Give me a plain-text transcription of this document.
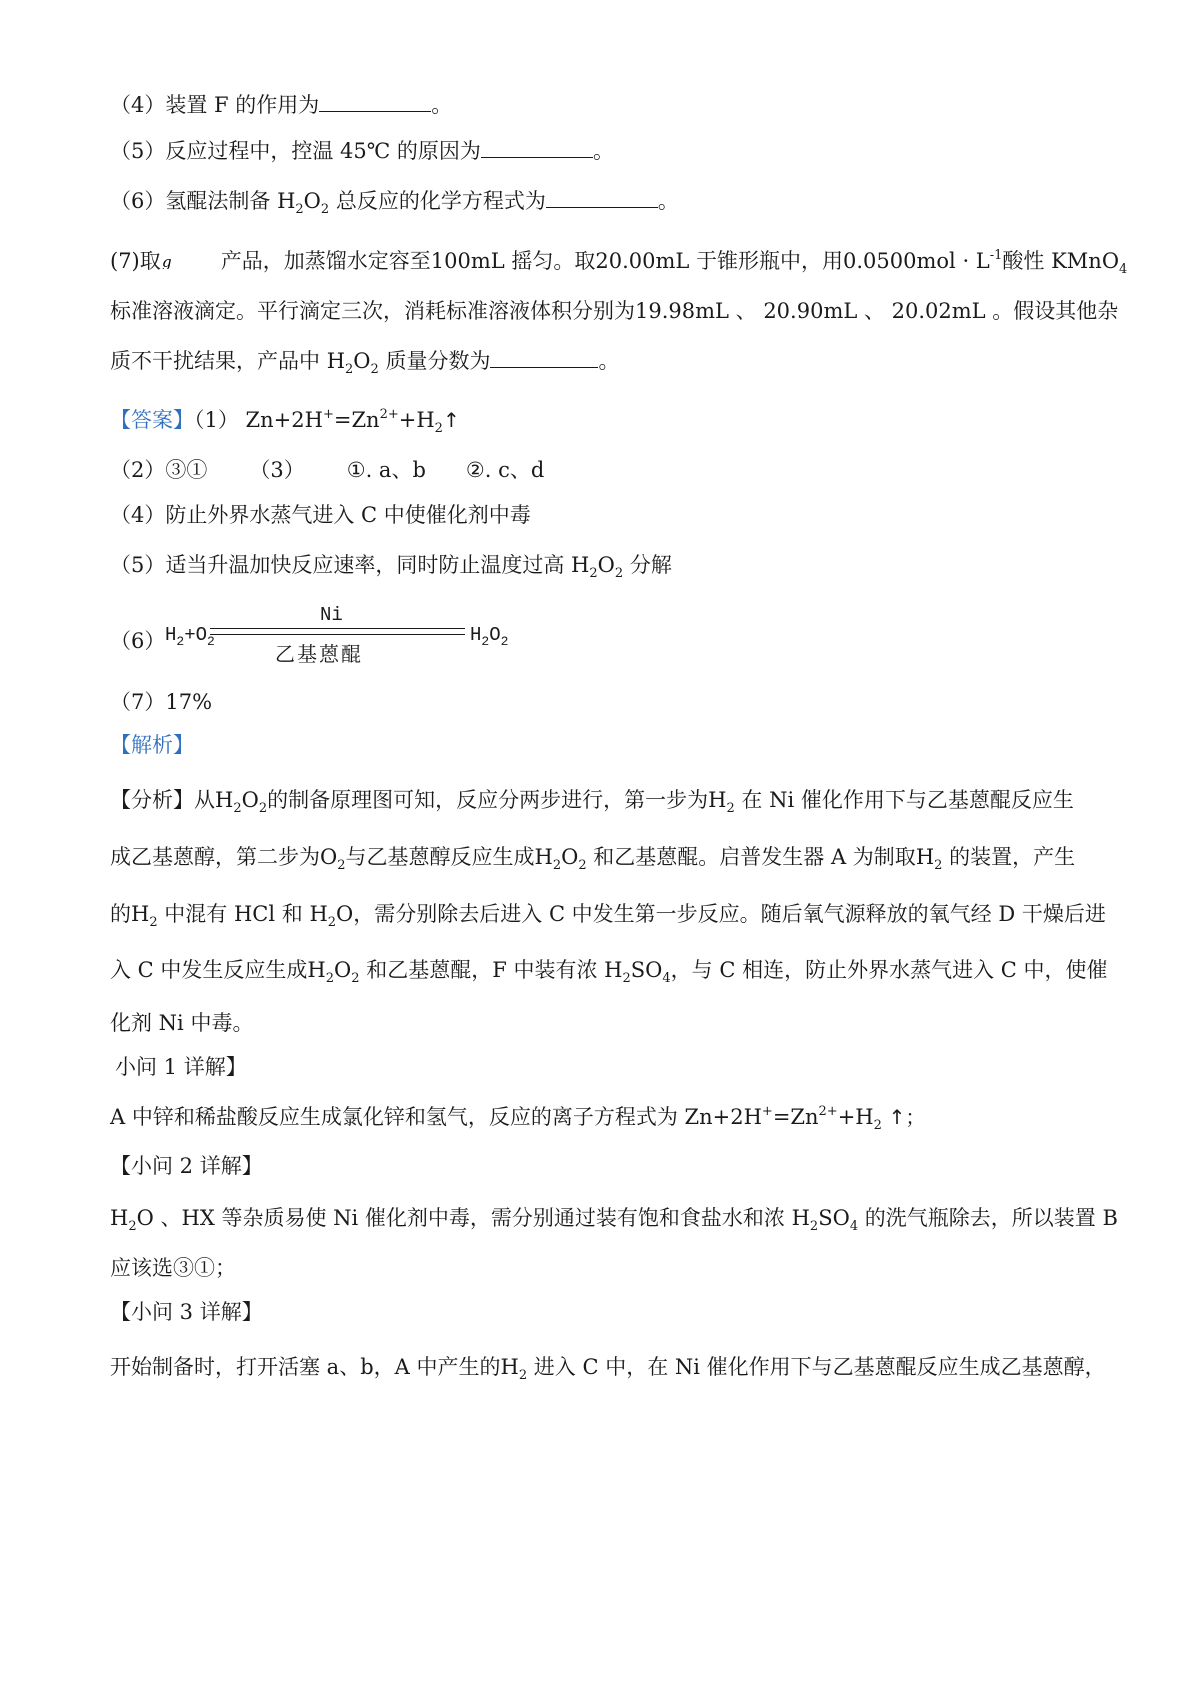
（4）装置 F 的作用为	。
（5）反应过程中，控温 45℃ 的原因为	。
（6）氢醌法制备 $H_2O_2$ 总反应的化学方程式为	。
(7)取 g 产品，加蒸馏水定容至100mL 摇匀。取20.00mL 于锥形瓶中，用$0.0500mol \cdot L^{-1}$酸性 KMnO$_4$
标准溶液滴定。平行滴定三次，消耗标准溶液体积分别为19.98mL 、 20.90mL 、 20.02mL 。假设其他杂
质不干扰结果，产品中 $H_2O_2$ 质量分数为	。
【答案】（1） $Zn+2H^+=Zn^{2+}+H_2↑$
（2）③① （3） ①. a、b ②. c、d
（4）防止外界水蒸气进入 C 中使催化剂中毒
（5）适当升温加快反应速率，同时防止温度过高 $H_2O_2$ 分解
（6） $H_2+O_2$
Ni
乙基蒽醌
$H_2O_2$
（7）17%
【解析】
【分析】从$H_2O_2$的制备原理图可知，反应分两步进行，第一步为$H_2$ 在 Ni 催化作用下与乙基蒽醌反应生
成乙基蒽醇，第二步为$O_2$与乙基蒽醇反应生成$H_2O_2$ 和乙基蒽醌。启普发生器 A 为制取$H_2$ 的装置，产生
的$H_2$ 中混有 HCl 和 $H_2O$，需分别除去后进入 C 中发生第一步反应。随后氧气源释放的氧气经 D 干燥后进
入 C 中发生反应生成$H_2O_2$ 和乙基蒽醌，F 中装有浓 $H_2SO_4$，与 C 相连，防止外界水蒸气进入 C 中，使催
化剂 Ni 中毒。
小问 1 详解】
A 中锌和稀盐酸反应生成氯化锌和氢气，反应的离子方程式为 $Zn+2H^+=Zn^{2+}+H_2$ ↑；
【小问 2 详解】
$H_2O$ 、HX 等杂质易使 Ni 催化剂中毒，需分别通过装有饱和食盐水和浓 $H_2SO_4$ 的洗气瓶除去，所以装置 B
应该选③①；
【小问 3 详解】
开始制备时，打开活塞 a、b，A 中产生的$H_2$ 进入 C 中，在 Ni 催化作用下与乙基蒽醌反应生成乙基蒽醇，
